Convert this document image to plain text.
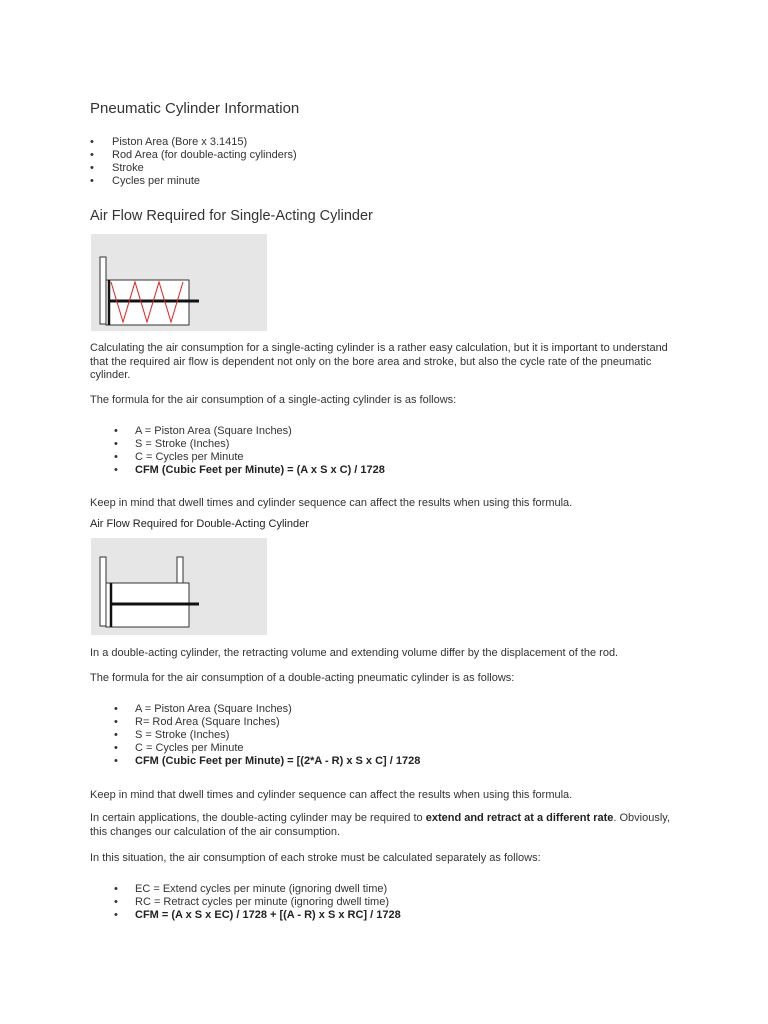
Pneumatic Cylinder Information
• Piston Area (Bore x 3.1415)
• Rod Area (for double-acting cylinders)
• Stroke
• Cycles per minute
Air Flow Required for Single-Acting Cylinder

Calculating the air consumption for a single-acting cylinder is a rather easy calculation, but it is important to understand that the required air flow is dependent not only on the bore area and stroke, but also the cycle rate of the pneumatic cylinder.

The formula for the air consumption of a single-acting cylinder is as follows:

• A = Piston Area (Square Inches)
• S = Stroke (Inches)
• C = Cycles per Minute
• CFM (Cubic Feet per Minute) = (A x S x C) / 1728

Keep in mind that dwell times and cylinder sequence can affect the results when using this formula.

Air Flow Required for Double-Acting Cylinder

In a double-acting cylinder, the retracting volume and extending volume differ by the displacement of the rod.

The formula for the air consumption of a double-acting pneumatic cylinder is as follows:

• A = Piston Area (Square Inches)
• R= Rod Area (Square Inches)
• S = Stroke (Inches)
• C = Cycles per Minute
• CFM (Cubic Feet per Minute) = [(2*A - R) x S x C] / 1728

Keep in mind that dwell times and cylinder sequence can affect the results when using this formula.

In certain applications, the double-acting cylinder may be required to extend and retract at a different rate. Obviously, this changes our calculation of the air consumption.

In this situation, the air consumption of each stroke must be calculated separately as follows:

• EC = Extend cycles per minute (ignoring dwell time)
• RC = Retract cycles per minute (ignoring dwell time)
• CFM = (A x S x EC) / 1728 + [(A - R) x S x RC] / 1728
